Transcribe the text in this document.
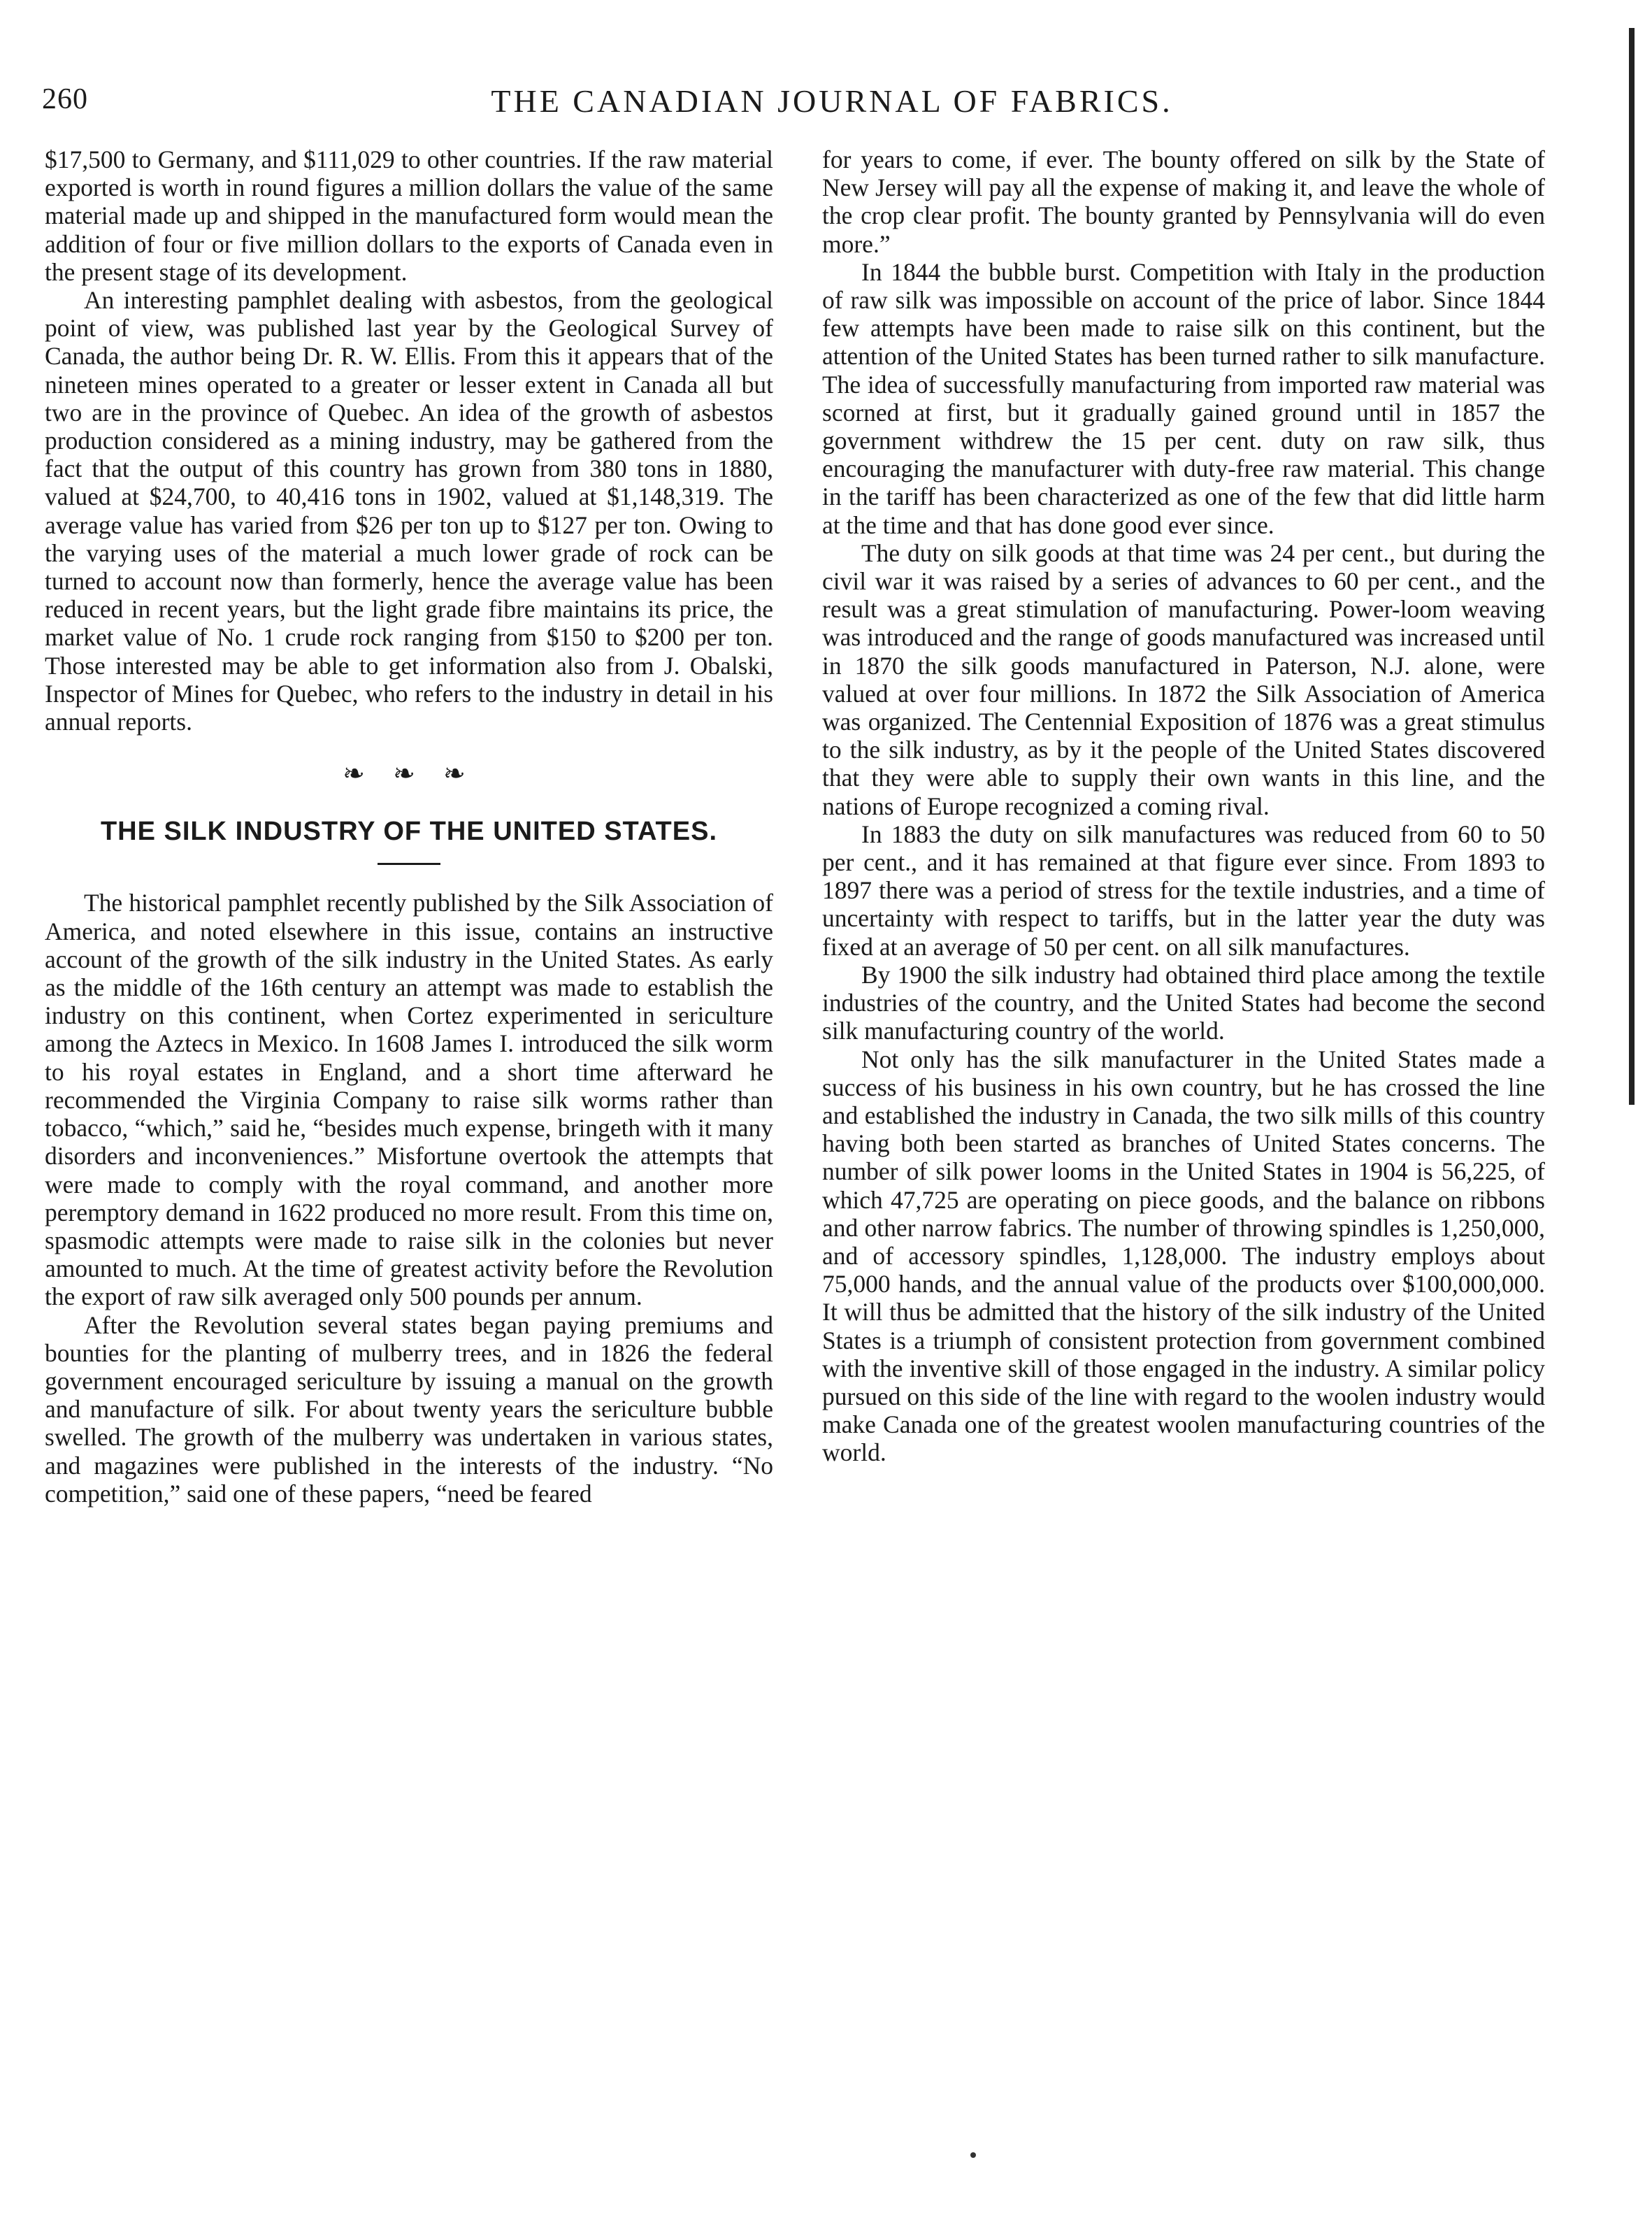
260	THE CANADIAN JOURNAL OF FABRICS.

$17,500 to Germany, and $111,029 to other countries. If the raw material exported is worth in round figures a million dollars the value of the same material made up and shipped in the manufactured form would mean the addition of four or five million dollars to the exports of Canada even in the present stage of its development.

An interesting pamphlet dealing with asbestos, from the geological point of view, was published last year by the Geological Survey of Canada, the author being Dr. R. W. Ellis. From this it appears that of the nineteen mines operated to a greater or lesser extent in Canada all but two are in the province of Quebec. An idea of the growth of asbestos production considered as a mining industry, may be gathered from the fact that the output of this country has grown from 380 tons in 1880, valued at $24,700, to 40,416 tons in 1902, valued at $1,148,319. The average value has varied from $26 per ton up to $127 per ton. Owing to the varying uses of the material a much lower grade of rock can be turned to account now than formerly, hence the average value has been reduced in recent years, but the light grade fibre maintains its price, the market value of No. 1 crude rock ranging from $150 to $200 per ton. Those interested may be able to get information also from J. Obalski, Inspector of Mines for Quebec, who refers to the industry in detail in his annual reports.

❧ ❧ ❧
THE SILK INDUSTRY OF THE UNITED STATES.

The historical pamphlet recently published by the Silk Association of America, and noted elsewhere in this issue, contains an instructive account of the growth of the silk industry in the United States. As early as the middle of the 16th century an attempt was made to establish the industry on this continent, when Cortez experimented in sericulture among the Aztecs in Mexico. In 1608 James I. introduced the silk worm to his royal estates in England, and a short time afterward he recommended the Virginia Company to raise silk worms rather than tobacco, “which,” said he, “besides much expense, bringeth with it many disorders and inconveniences.” Misfortune overtook the attempts that were made to comply with the royal command, and another more peremptory demand in 1622 produced no more result. From this time on, spasmodic attempts were made to raise silk in the colonies but never amounted to much. At the time of greatest activity before the Revolution the export of raw silk averaged only 500 pounds per annum.

After the Revolution several states began paying premiums and bounties for the planting of mulberry trees, and in 1826 the federal government encouraged sericulture by issuing a manual on the growth and manufacture of silk. For about twenty years the sericulture bubble swelled. The growth of the mulberry was undertaken in various states, and magazines were published in the interests of the industry. “No competition,” said one of these papers, “need be feared

for years to come, if ever. The bounty offered on silk by the State of New Jersey will pay all the expense of making it, and leave the whole of the crop clear profit. The bounty granted by Pennsylvania will do even more.”

In 1844 the bubble burst. Competition with Italy in the production of raw silk was impossible on account of the price of labor. Since 1844 few attempts have been made to raise silk on this continent, but the attention of the United States has been turned rather to silk manufacture. The idea of successfully manufacturing from imported raw material was scorned at first, but it gradually gained ground until in 1857 the government withdrew the 15 per cent. duty on raw silk, thus encouraging the manufacturer with duty-free raw material. This change in the tariff has been characterized as one of the few that did little harm at the time and that has done good ever since.

The duty on silk goods at that time was 24 per cent., but during the civil war it was raised by a series of advances to 60 per cent., and the result was a great stimulation of manufacturing. Power-loom weaving was introduced and the range of goods manufactured was increased until in 1870 the silk goods manufactured in Paterson, N.J. alone, were valued at over four millions. In 1872 the Silk Association of America was organized. The Centennial Exposition of 1876 was a great stimulus to the silk industry, as by it the people of the United States discovered that they were able to supply their own wants in this line, and the nations of Europe recognized a coming rival.

In 1883 the duty on silk manufactures was reduced from 60 to 50 per cent., and it has remained at that figure ever since. From 1893 to 1897 there was a period of stress for the textile industries, and a time of uncertainty with respect to tariffs, but in the latter year the duty was fixed at an average of 50 per cent. on all silk manufactures.

By 1900 the silk industry had obtained third place among the textile industries of the country, and the United States had become the second silk manufacturing country of the world.

Not only has the silk manufacturer in the United States made a success of his business in his own country, but he has crossed the line and established the industry in Canada, the two silk mills of this country having both been started as branches of United States concerns. The number of silk power looms in the United States in 1904 is 56,225, of which 47,725 are operating on piece goods, and the balance on ribbons and other narrow fabrics. The number of throwing spindles is 1,250,000, and of accessory spindles, 1,128,000. The industry employs about 75,000 hands, and the annual value of the products over $100,000,000. It will thus be admitted that the history of the silk industry of the United States is a triumph of consistent protection from government combined with the inventive skill of those engaged in the industry. A similar policy pursued on this side of the line with regard to the woolen industry would make Canada one of the greatest woolen manufacturing countries of the world.
